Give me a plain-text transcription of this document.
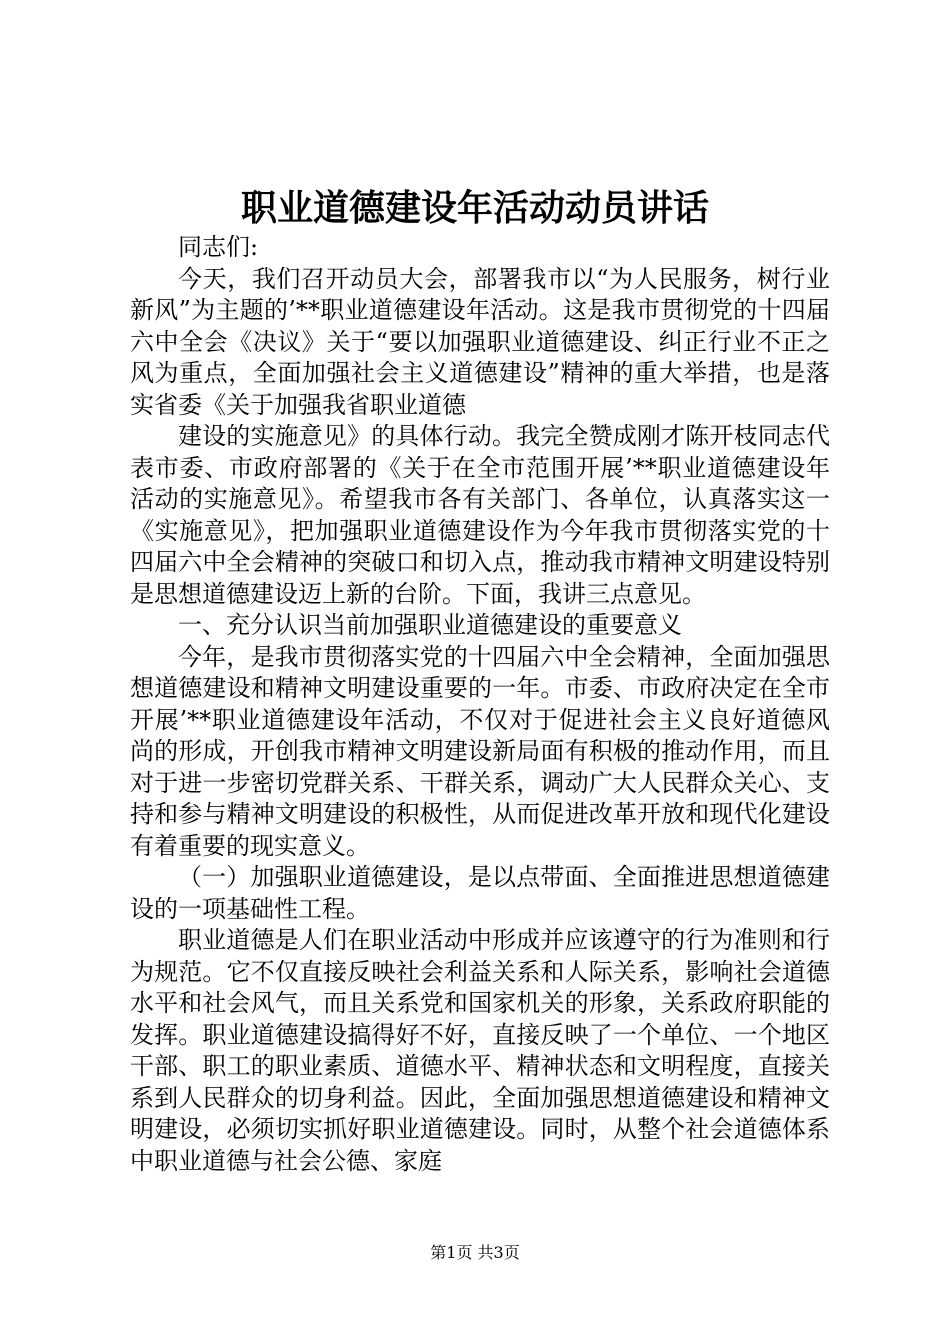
职业道德建设年活动动员讲话

同志们:

今天，我们召开动员大会，部署我市以“为人民服务，树行业新风”为主题的’**职业道德建设年活动。这是我市贯彻党的十四届六中全会《决议》关于“要以加强职业道德建设、纠正行业不正之风为重点，全面加强社会主义道德建设”精神的重大举措，也是落实省委《关于加强我省职业道德

建设的实施意见》的具体行动。我完全赞成刚才陈开枝同志代表市委、市政府部署的《关于在全市范围开展’**职业道德建设年活动的实施意见》。希望我市各有关部门、各单位，认真落实这一《实施意见》，把加强职业道德建设作为今年我市贯彻落实党的十四届六中全会精神的突破口和切入点，推动我市精神文明建设特别是思想道德建设迈上新的台阶。下面，我讲三点意见。

一、充分认识当前加强职业道德建设的重要意义

今年，是我市贯彻落实党的十四届六中全会精神，全面加强思想道德建设和精神文明建设重要的一年。市委、市政府决定在全市开展’**职业道德建设年活动，不仅对于促进社会主义良好道德风尚的形成，开创我市精神文明建设新局面有积极的推动作用，而且对于进一步密切党群关系、干群关系，调动广大人民群众关心、支持和参与精神文明建设的积极性，从而促进改革开放和现代化建设有着重要的现实意义。

（一）加强职业道德建设，是以点带面、全面推进思想道德建设的一项基础性工程。

职业道德是人们在职业活动中形成并应该遵守的行为准则和行为规范。它不仅直接反映社会利益关系和人际关系，影响社会道德水平和社会风气，而且关系党和国家机关的形象，关系政府职能的发挥。职业道德建设搞得好不好，直接反映了一个单位、一个地区干部、职工的职业素质、道德水平、精神状态和文明程度，直接关系到人民群众的切身利益。因此，全面加强思想道德建设和精神文明建设，必须切实抓好职业道德建设。同时，从整个社会道德体系中职业道德与社会公德、家庭

第1页 共3页
